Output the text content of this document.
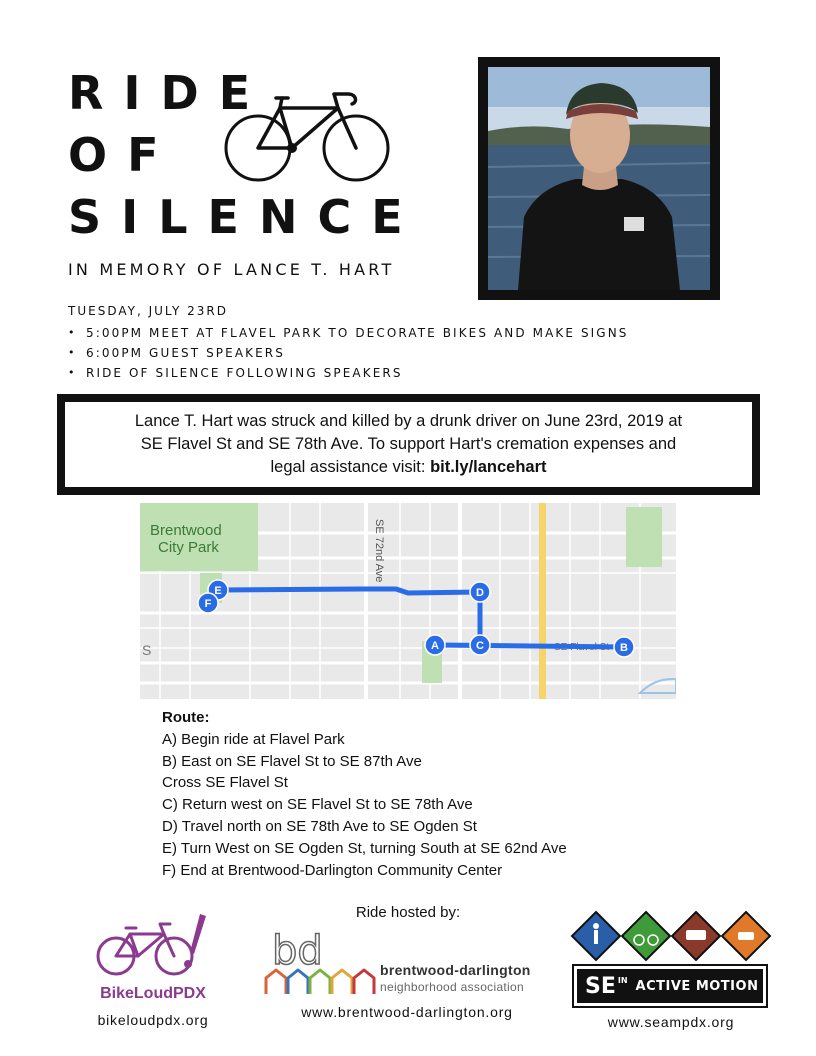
RIDE
OF
SILENCE
IN MEMORY OF LANCE T. HART
TUESDAY, JULY 23RD
• 5:00PM MEET AT FLAVEL PARK TO DECORATE BIKES AND MAKE SIGNS
• 6:00PM GUEST SPEAKERS
• RIDE OF SILENCE FOLLOWING SPEAKERS
Lance T. Hart was struck and killed by a drunk driver on June 23rd, 2019 at
SE Flavel St and SE 78th Ave. To support Hart's cremation expenses and
legal assistance visit: bit.ly/lancehart
Brentwood
City Park	SE 72nd Ave
SE Flavel St
S	A	B
C
D
E
F
Route:
A) Begin ride at Flavel Park
B) East on SE Flavel St to SE 87th Ave
Cross SE Flavel St
C) Return west on SE Flavel St to SE 78th Ave
D) Travel north on SE 78th Ave to SE Ogden St
E) Turn West on SE Ogden St, turning South at SE 62nd Ave
F) End at Brentwood-Darlington Community Center
Ride hosted by:
BikeLoudPDX
bikeloudpdx.org
bd	brentwood-darlington
neighborhood association
www.brentwood-darlington.org
SE IN ACTIVE MOTION
www.seampdx.org
